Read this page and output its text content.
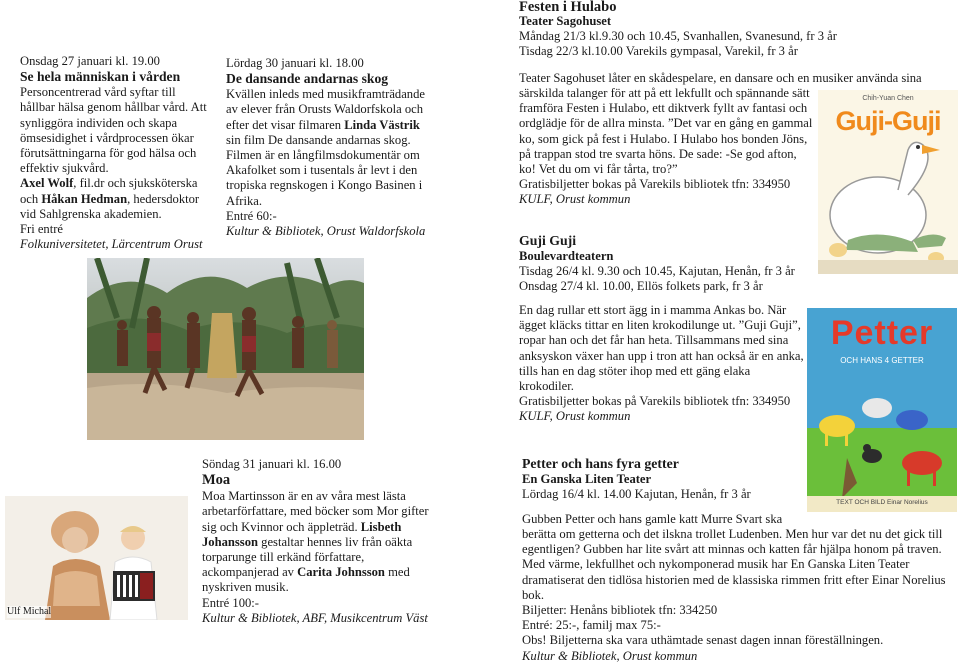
Onsdag 27 januari kl. 19.00

Se hela människan i vården

Personcentrerad vård syftar till hållbar hälsa genom hållbar vård. Att synliggöra individen och skapa ömsesidighet i vårdprocessen ökar förutsättningarna för god hälsa och effektiv sjukvård.

Axel Wolf, fil.dr och sjuksköterska och Håkan Hedman, hedersdoktor vid Sahlgrenska akademien.

Fri entré

Folkuniversitetet, Lärcentrum Orust

Lördag 30 januari kl. 18.00

De dansande andarnas skog

Kvällen inleds med musikframträdande av elever från Orusts Waldorfskola och efter det visar filmaren Linda Västrik sin film De dansande andarnas skog. Filmen är en långfilmsdokumentär om Akafolket som i tusentals år levt i den tropiska regnskogen i Kongo Basinen i Afrika.

Entré 60:-

Kultur & Bibliotek, Orust Waldorfskola

Ulf Michal

Söndag 31 januari kl. 16.00

Moa

Moa Martinsson är en av våra mest lästa arbetarförfattare, med böcker som Mor gifter sig och Kvinnor och äppleträd. Lisbeth Johansson gestaltar hennes liv från oäkta torparunge till erkänd författare, ackompanjerad av Carita Johnsson med nyskriven musik.

Entré 100:-

Kultur & Bibliotek, ABF, Musikcentrum Väst

Festen i Hulabo

Teater Sagohuset

Måndag 21/3 kl.9.30 och 10.45, Svanhallen, Svanesund, fr 3 år

Tisdag 22/3 kl.10.00 Varekils gympasal, Varekil, fr 3 år

Teater Sagohuset låter en skådespelare, en dansare och en musiker använda sina

särskilda talanger för att på ett lekfullt och spännande sätt framföra Festen i Hulabo, ett diktverk fyllt av fantasi och ordglädje för de allra minsta. ”Det var en gång en gammal ko, som gick på fest i Hulabo. I Hulabo hos bonden Jöns, på trappan stod tre svarta höns. De sade: -Se god afton, ko! Vet du om vi får tårta, tro?”

Gratisbiljetter bokas på Varekils bibliotek tfn: 334950

KULF, Orust kommun

Chih-Yuan Chen
Guji-Guji

Guji Guji

Boulevardteatern

Tisdag 26/4 kl. 9.30 och 10.45, Kajutan, Henån, fr 3 år

Onsdag 27/4 kl. 10.00, Ellös folkets park, fr 3 år

En dag rullar ett stort ägg in i mamma Ankas bo. När ägget kläcks tittar en liten krokodilunge ut. ”Guji Guji”, ropar han och det får han heta. Tillsammans med sina anksyskon växer han upp i tron att han också är en anka, tills han en dag stöter ihop med ett gäng elaka krokodiler.

Gratisbiljetter bokas på Varekils bibliotek tfn: 334950

KULF, Orust kommun

Petter
OCH HANS 4 GETTER
TEXT OCH BILD Einar Norelius

Petter och hans fyra getter

En Ganska Liten Teater

Lördag 16/4 kl. 14.00 Kajutan, Henån, fr 3 år

Gubben Petter och hans gamle katt Murre Svart ska

berätta om getterna och det ilskna trollet Ludenben. Men hur var det nu det gick till egentligen? Gubben har lite svårt att minnas och katten får hjälpa honom på traven. Med värme, lekfullhet och nykomponerad musik har En Ganska Liten Teater dramatiserat den tidlösa historien med de klassiska rimmen fritt efter Einar Norelius bok.

Biljetter: Henåns bibliotek tfn: 334250

Entré: 25:-, familj max 75:-

Obs! Biljetterna ska vara uthämtade senast dagen innan föreställningen.

Kultur & Bibliotek, Orust kommun
